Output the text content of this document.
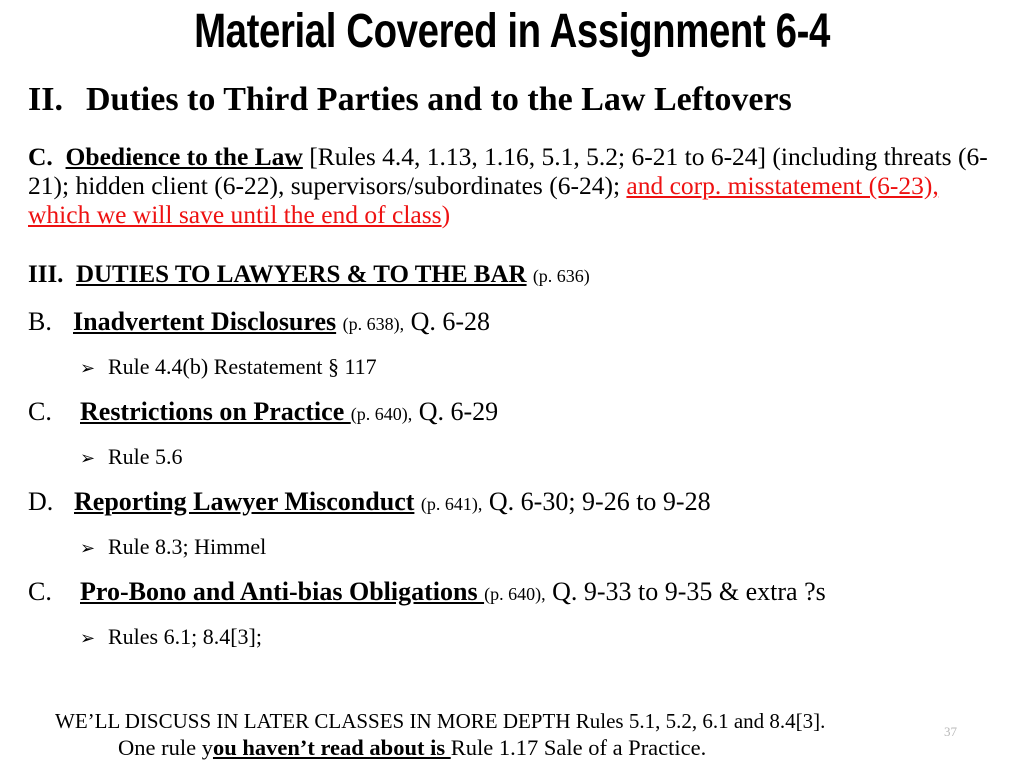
Material Covered in Assignment 6-4
II. Duties to Third Parties and to the Law Leftovers
C. Obedience to the Law [Rules 4.4, 1.13, 1.16, 5.1, 5.2; 6-21 to 6-24] (including threats (6-21); hidden client (6-22), supervisors/subordinates (6-24); and corp. misstatement (6-23), which we will save until the end of class)
III. DUTIES TO LAWYERS & TO THE BAR (p. 636)
B. Inadvertent Disclosures (p. 638), Q. 6-28
➢ Rule 4.4(b) Restatement § 117
C. Restrictions on Practice (p. 640), Q. 6-29
➢ Rule 5.6
D. Reporting Lawyer Misconduct (p. 641), Q. 6-30; 9-26 to 9-28
➢ Rule 8.3; Himmel
C. Pro-Bono and Anti-bias Obligations (p. 640), Q. 9-33 to 9-35 & extra ?s
➢ Rules 6.1; 8.4[3];
37
WE’LL DISCUSS IN LATER CLASSES IN MORE DEPTH Rules 5.1, 5.2, 6.1 and 8.4[3].
One rule you haven’t read about is Rule 1.17 Sale of a Practice.
